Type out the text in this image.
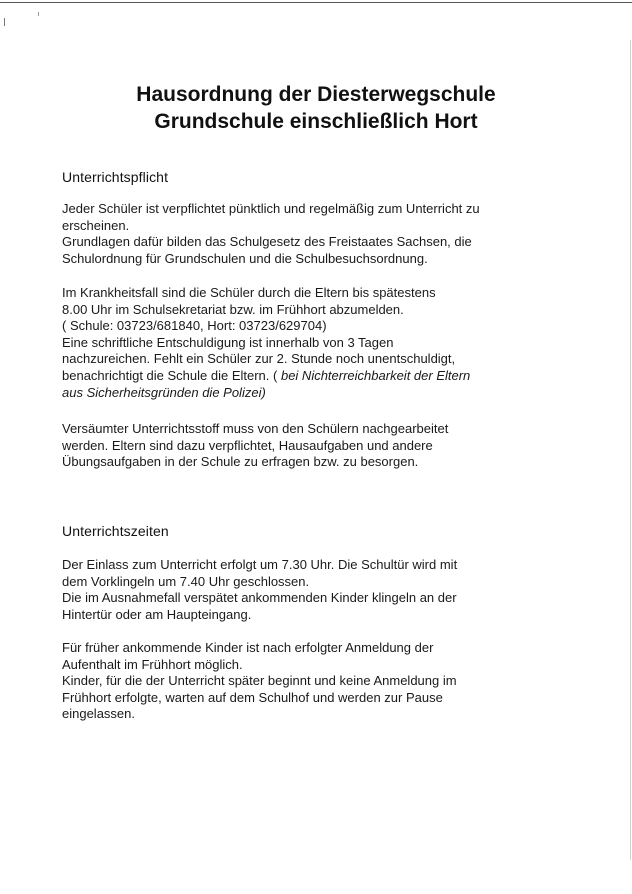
Hausordnung der Diesterwegschule
Grundschule einschließlich Hort
Unterrichtspflicht
Jeder Schüler ist verpflichtet pünktlich und regelmäßig zum Unterricht zu
erscheinen.
Grundlagen dafür bilden das Schulgesetz des Freistaates Sachsen, die
Schulordnung für Grundschulen und die Schulbesuchsordnung.
Im Krankheitsfall sind die Schüler durch die Eltern bis spätestens
8.00 Uhr im Schulsekretariat bzw. im Frühhort abzumelden.
( Schule: 03723/681840, Hort: 03723/629704)
Eine schriftliche Entschuldigung ist innerhalb von 3 Tagen
nachzureichen. Fehlt ein Schüler zur 2. Stunde noch unentschuldigt,
benachrichtigt die Schule die Eltern. ( bei Nichterreichbarkeit der Eltern
aus Sicherheitsgründen die Polizei)
Versäumter Unterrichtsstoff muss von den Schülern nachgearbeitet
werden. Eltern sind dazu verpflichtet, Hausaufgaben und andere
Übungsaufgaben in der Schule zu erfragen bzw. zu besorgen.
Unterrichtszeiten
Der Einlass zum Unterricht erfolgt um 7.30 Uhr. Die Schultür wird mit
dem Vorklingeln um 7.40 Uhr geschlossen.
Die im Ausnahmefall verspätet ankommenden Kinder klingeln an der
Hintertür oder am Haupteingang.
Für früher ankommende Kinder ist nach erfolgter Anmeldung der
Aufenthalt im Frühhort möglich.
Kinder, für die der Unterricht später beginnt und keine Anmeldung im
Frühhort erfolgte, warten auf dem Schulhof und werden zur Pause
eingelassen.
